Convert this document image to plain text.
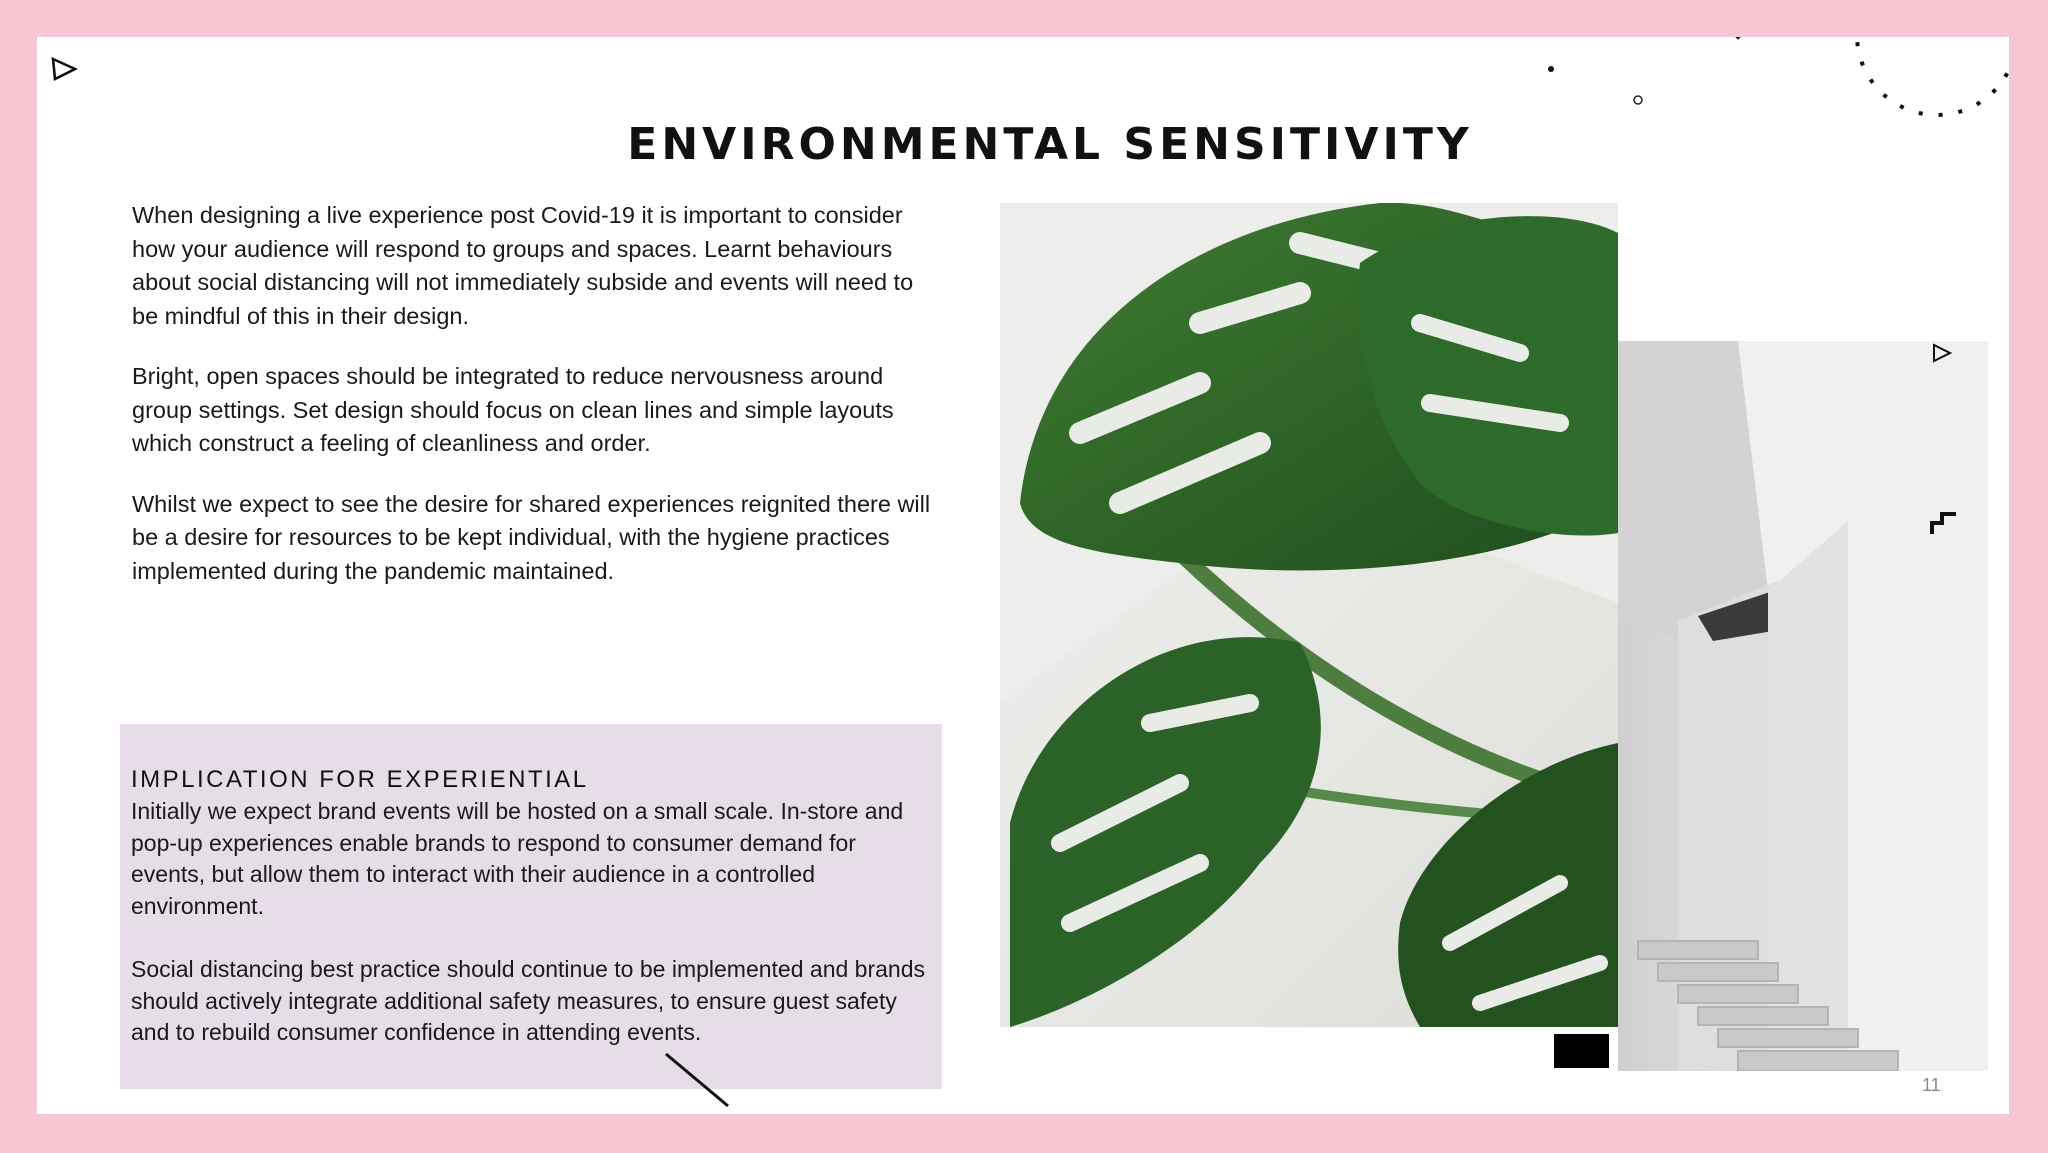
ENVIRONMENTAL SENSITIVITY

When designing a live experience post Covid-19 it is important to consider how your audience will respond to groups and spaces. Learnt behaviours about social distancing will not immediately subside and events will need to be mindful of this in their design.

Bright, open spaces should be integrated to reduce nervousness around group settings. Set design should focus on clean lines and simple layouts which construct a feeling of cleanliness and order.

Whilst we expect to see the desire for shared experiences reignited there will be a desire for resources to be kept individual, with the hygiene practices implemented during the pandemic maintained.

IMPLICATION FOR EXPERIENTIAL

Initially we expect brand events will be hosted on a small scale. In-store and pop-up experiences enable brands to respond to consumer demand for events, but allow them to interact with their audience in a controlled environment.

Social distancing best practice should continue to be implemented and brands should actively integrate additional safety measures, to ensure guest safety and to rebuild consumer confidence in attending events.

11
